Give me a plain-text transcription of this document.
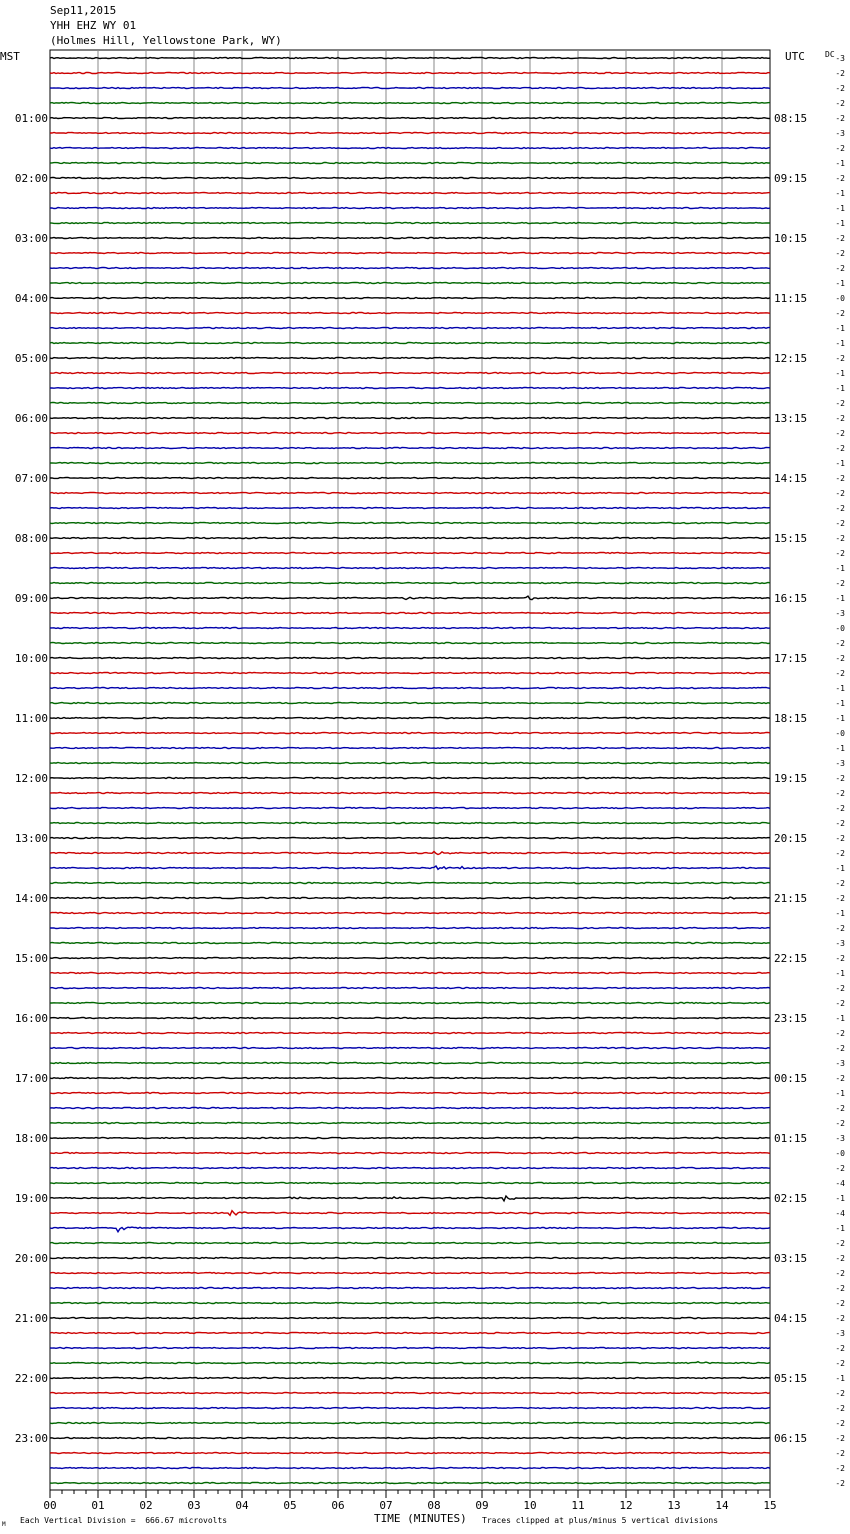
Sep11,2015
YHH EHZ WY 01
(Holmes Hill, Yellowstone Park, WY)
MST	UTC
01:00
02:00
03:00
04:00
05:00
06:00
07:00
08:00
09:00
10:00
11:00
12:00
13:00
14:00
15:00
16:00
17:00
18:00
19:00
20:00
21:00
22:00
23:00
08:15
09:15
10:15
11:15
12:15
13:15
14:15
15:15
16:15
17:15
18:15
19:15
20:15
21:15
22:15
23:15
00:15
01:15
02:15
03:15
04:15
05:15
06:15
DC -3
-2
-2
-2
-2
-3
-2
-1
-2
-1
-1
-1
-2
-2
-2
-1
-0
-2
-1
-1
-2
-1
-1
-2
-2
-2
-2
-1
-2
-2
-2
-2
-2
-2
-1
-2
-1
-3
-0
-2
-2
-2
-1
-1
-1
-0
-1
-3
-2
-2
-2
-2
-2
-2
-1
-2
-2
-1
-2
-3
-2
-1
-2
-2
-1
-2
-2
-3
-2
-1
-2
-2
-3
-0
-2
-4
-1
-4
-1
-2
-2
-2
-2
-2
-2
-3
-2
-2
-1
-2
-2
-2
-2
-2
-2
-2
00	01	02	03	04	05	06	07	08	09	10	11	12	13	14	15
M Each Vertical Division =  666.67 microvolts	TIME (MINUTES) Traces clipped at plus/minus 5 vertical divisions
